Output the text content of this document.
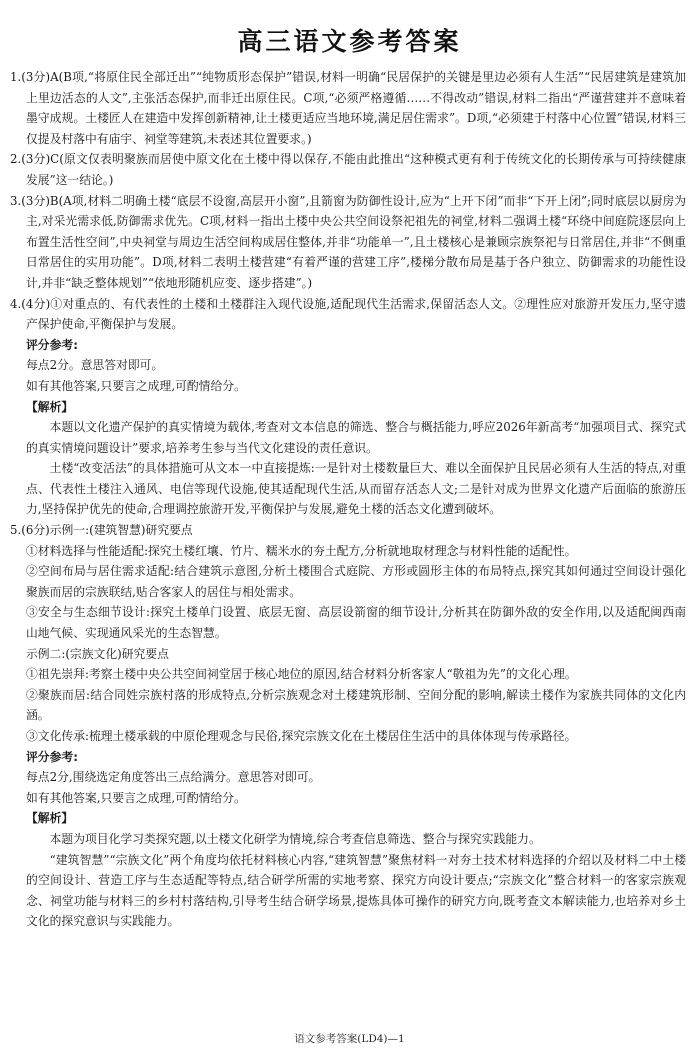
高三语文参考答案

1.(3分)A(B项,“将原住民全部迁出”“纯物质形态保护”错误,材料一明确“民居保护的关键是里边必须有人生活”“民居建筑是建筑加上里边活态的人文”,主张活态保护,而非迁出原住民。C项,“必须严格遵循……不得改动”错误,材料二指出“严谨营建并不意味着墨守成规。土楼匠人在建造中发挥创新精神,让土楼更适应当地环境,满足居住需求”。D项,“必须建于村落中心位置”错误,材料三仅提及村落中有庙宇、祠堂等建筑,未表述其位置要求。)

2.(3分)C(原文仅表明聚族而居使中原文化在土楼中得以保存,不能由此推出“这种模式更有利于传统文化的长期传承与可持续健康发展”这一结论。)

3.(3分)B(A项,材料二明确土楼“底层不设窗,高层开小窗”,且箭窗为防御性设计,应为“上开下闭”而非“下开上闭”;同时底层以厨房为主,对采光需求低,防御需求优先。C项,材料一指出土楼中央公共空间设祭祀祖先的祠堂,材料二强调土楼“环绕中间庭院逐层向上布置生活性空间”,中央祠堂与周边生活空间构成居住整体,并非“功能单一”,且土楼核心是兼顾宗族祭祀与日常居住,并非“不侧重日常居住的实用功能”。D项,材料二表明土楼营建“有着严谨的营建工序”,楼梯分散布局是基于各户独立、防御需求的功能性设计,并非“缺乏整体规划”“依地形随机应变、逐步搭建”。)

4.(4分)①对重点的、有代表性的土楼和土楼群注入现代设施,适配现代生活需求,保留活态人文。②理性应对旅游开发压力,坚守遗产保护使命,平衡保护与发展。

评分参考:

每点2分。意思答对即可。

如有其他答案,只要言之成理,可酌情给分。

【解析】

本题以文化遗产保护的真实情境为载体,考查对文本信息的筛选、整合与概括能力,呼应2026年新高考“加强项目式、探究式的真实情境问题设计”要求,培养考生参与当代文化建设的责任意识。

土楼“改变活法”的具体措施可从文本一中直接提炼:一是针对土楼数量巨大、难以全面保护且民居必须有人生活的特点,对重点、代表性土楼注入通风、电信等现代设施,使其适配现代生活,从而留存活态人文;二是针对成为世界文化遗产后面临的旅游压力,坚持保护优先的使命,合理调控旅游开发,平衡保护与发展,避免土楼的活态文化遭到破坏。

5.(6分)示例一:(建筑智慧)研究要点

①材料选择与性能适配:探究土楼红壤、竹片、糯米水的夯土配方,分析就地取材理念与材料性能的适配性。

②空间布局与居住需求适配:结合建筑示意图,分析土楼围合式庭院、方形或圆形主体的布局特点,探究其如何通过空间设计强化聚族而居的宗族联结,贴合客家人的居住与相处需求。

③安全与生态细节设计:探究土楼单门设置、底层无窗、高层设箭窗的细节设计,分析其在防御外敌的安全作用,以及适配闽西南山地气候、实现通风采光的生态智慧。

示例二:(宗族文化)研究要点

①祖先崇拜:考察土楼中央公共空间祠堂居于核心地位的原因,结合材料分析客家人“敬祖为先”的文化心理。

②聚族而居:结合同姓宗族村落的形成特点,分析宗族观念对土楼建筑形制、空间分配的影响,解读土楼作为家族共同体的文化内涵。

③文化传承:梳理土楼承载的中原伦理观念与民俗,探究宗族文化在土楼居住生活中的具体体现与传承路径。

评分参考:

每点2分,围绕选定角度答出三点给满分。意思答对即可。

如有其他答案,只要言之成理,可酌情给分。

【解析】

本题为项目化学习类探究题,以土楼文化研学为情境,综合考查信息筛选、整合与探究实践能力。

“建筑智慧”“宗族文化”两个角度均依托材料核心内容,“建筑智慧”聚焦材料一对夯土技术材料选择的介绍以及材料二中土楼的空间设计、营造工序与生态适配等特点,结合研学所需的实地考察、探究方向设计要点;“宗族文化”整合材料一的客家宗族观念、祠堂功能与材料三的乡村村落结构,引导考生结合研学场景,提炼具体可操作的研究方向,既考查文本解读能力,也培养对乡土文化的探究意识与实践能力。

语文参考答案(LD4)—1
